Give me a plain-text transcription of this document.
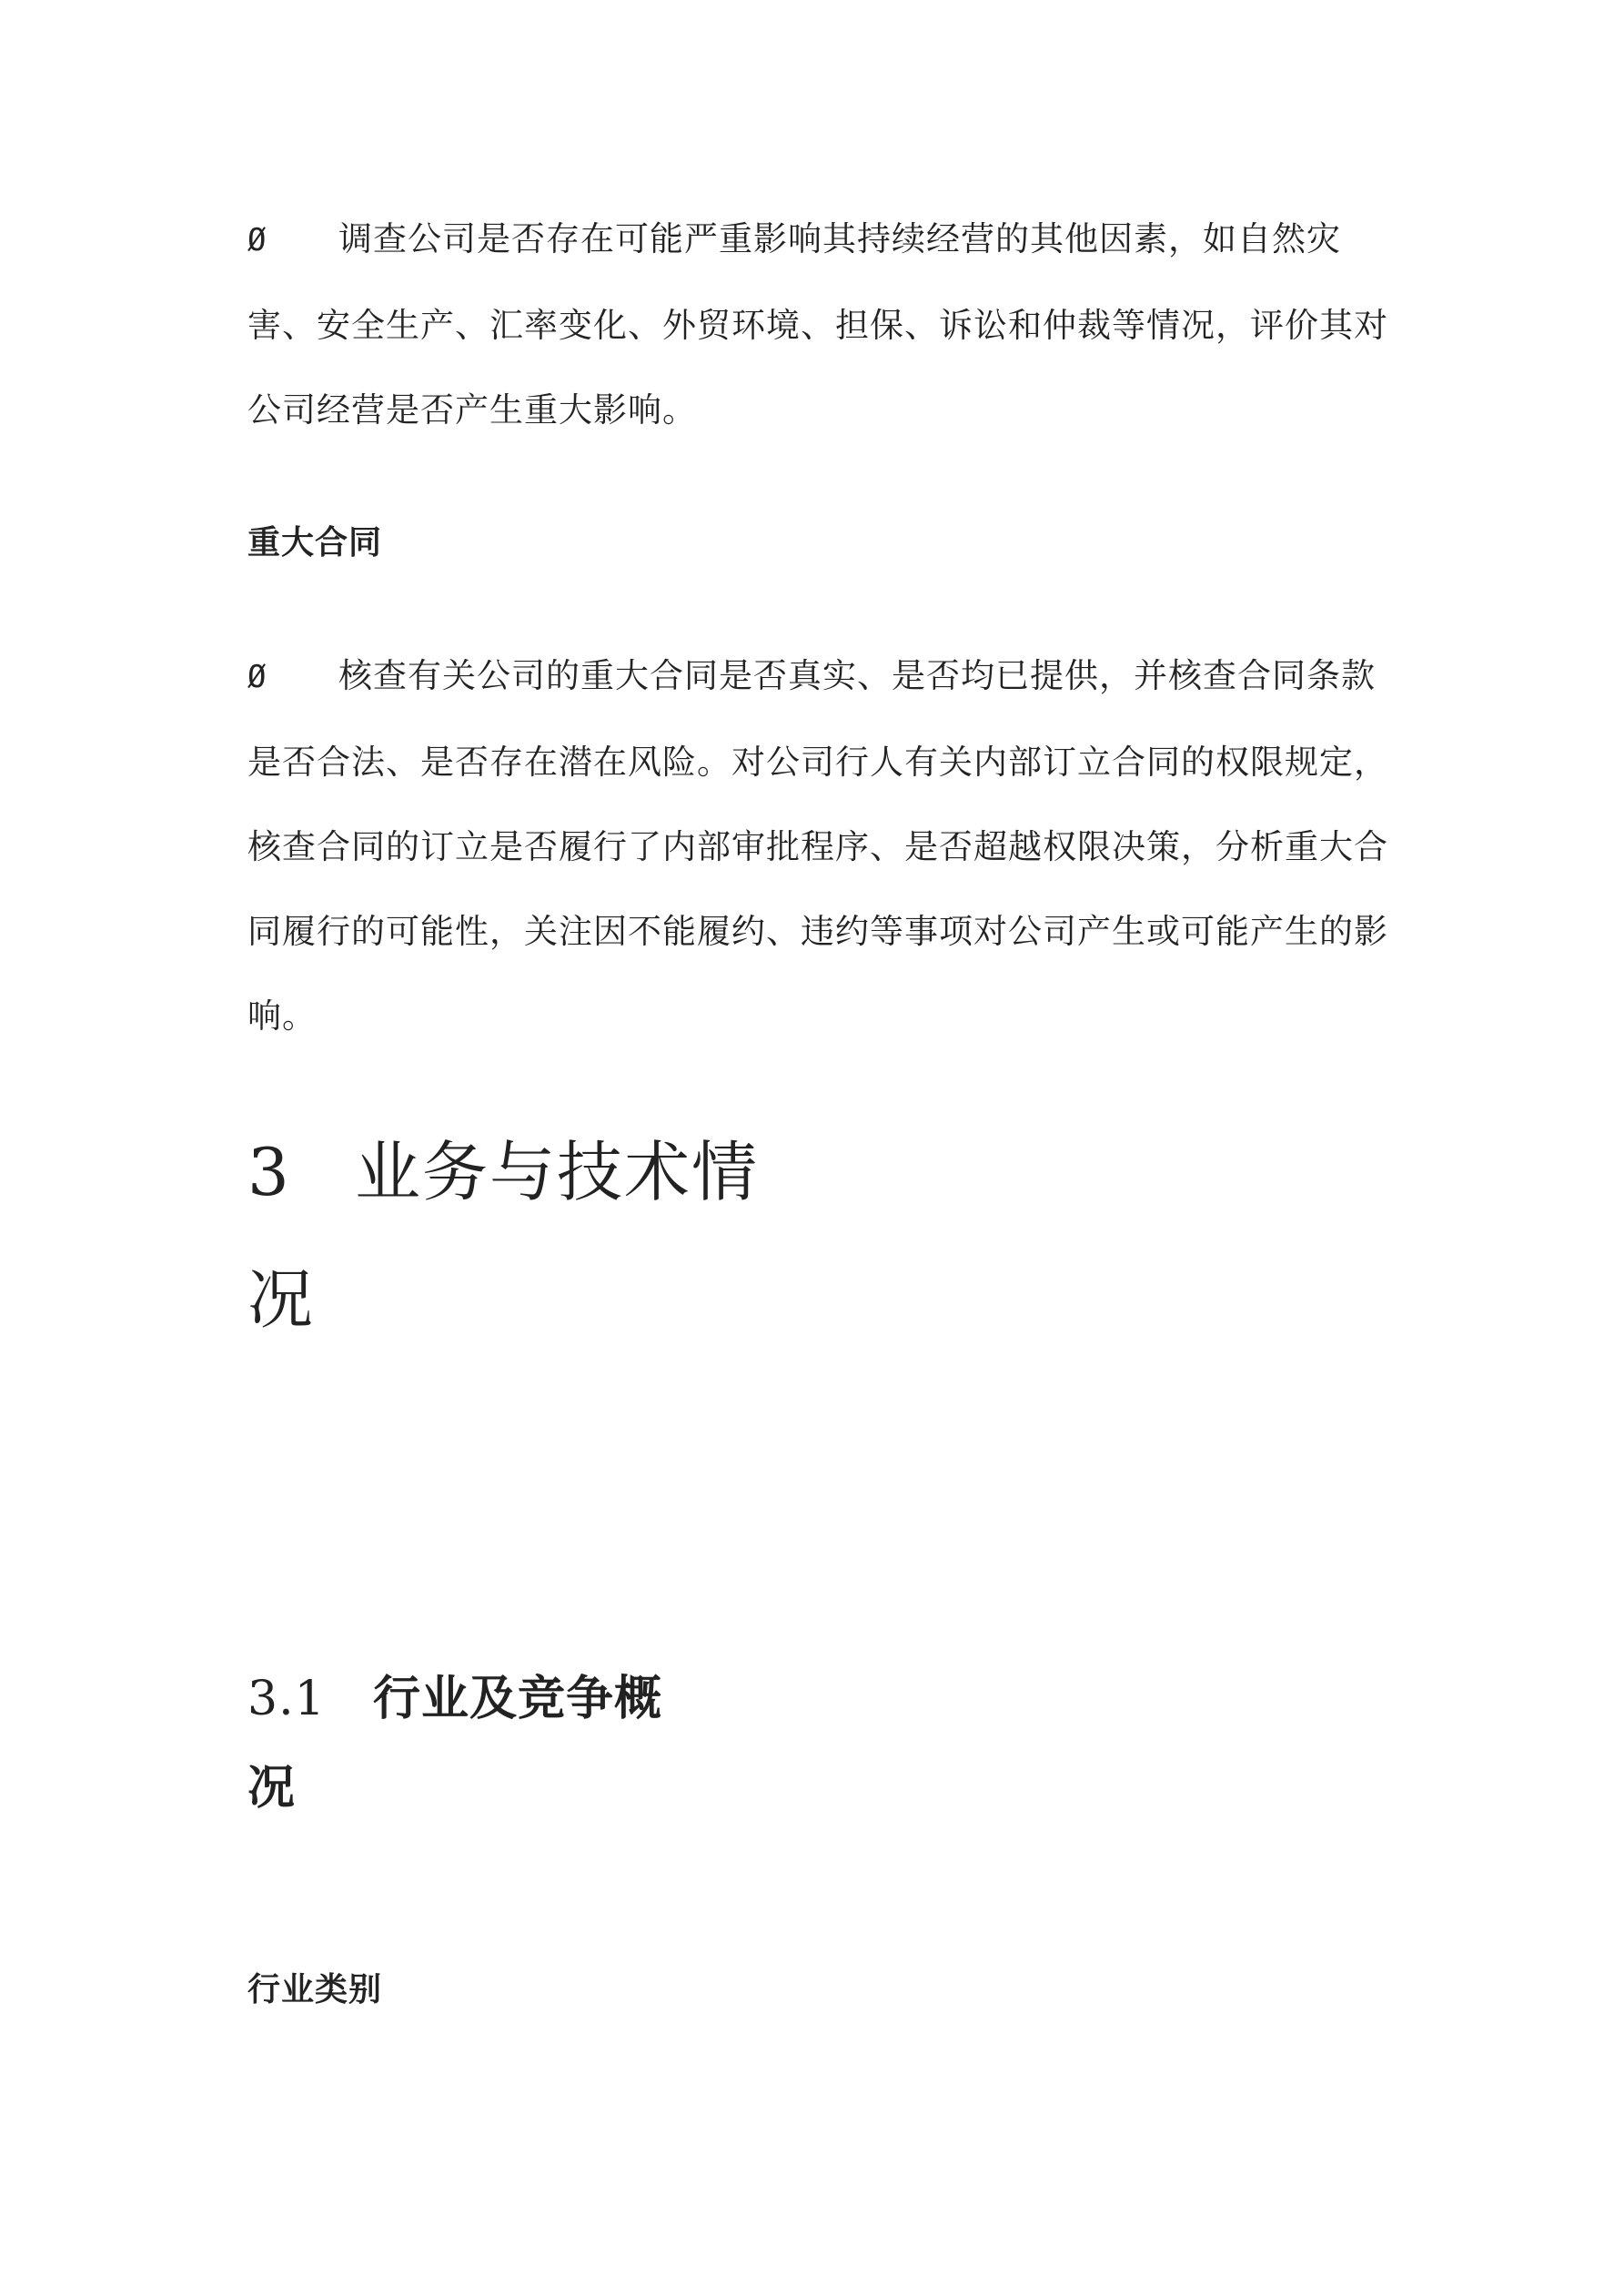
Ø 调查公司是否存在可能严重影响其持续经营的其他因素，如自然灾害、安全生产、汇率变化、外贸环境、担保、诉讼和仲裁等情况，评价其对公司经营是否产生重大影响。
重大合同
Ø 核查有关公司的重大合同是否真实、是否均已提供，并核查合同条款是否合法、是否存在潜在风险。对公司行人有关内部订立合同的权限规定，核查合同的订立是否履行了内部审批程序、是否超越权限决策，分析重大合同履行的可能性，关注因不能履约、违约等事项对公司产生或可能产生的影响。
3 业务与技术情
况
3.1 行业及竞争概
况
行业类别
